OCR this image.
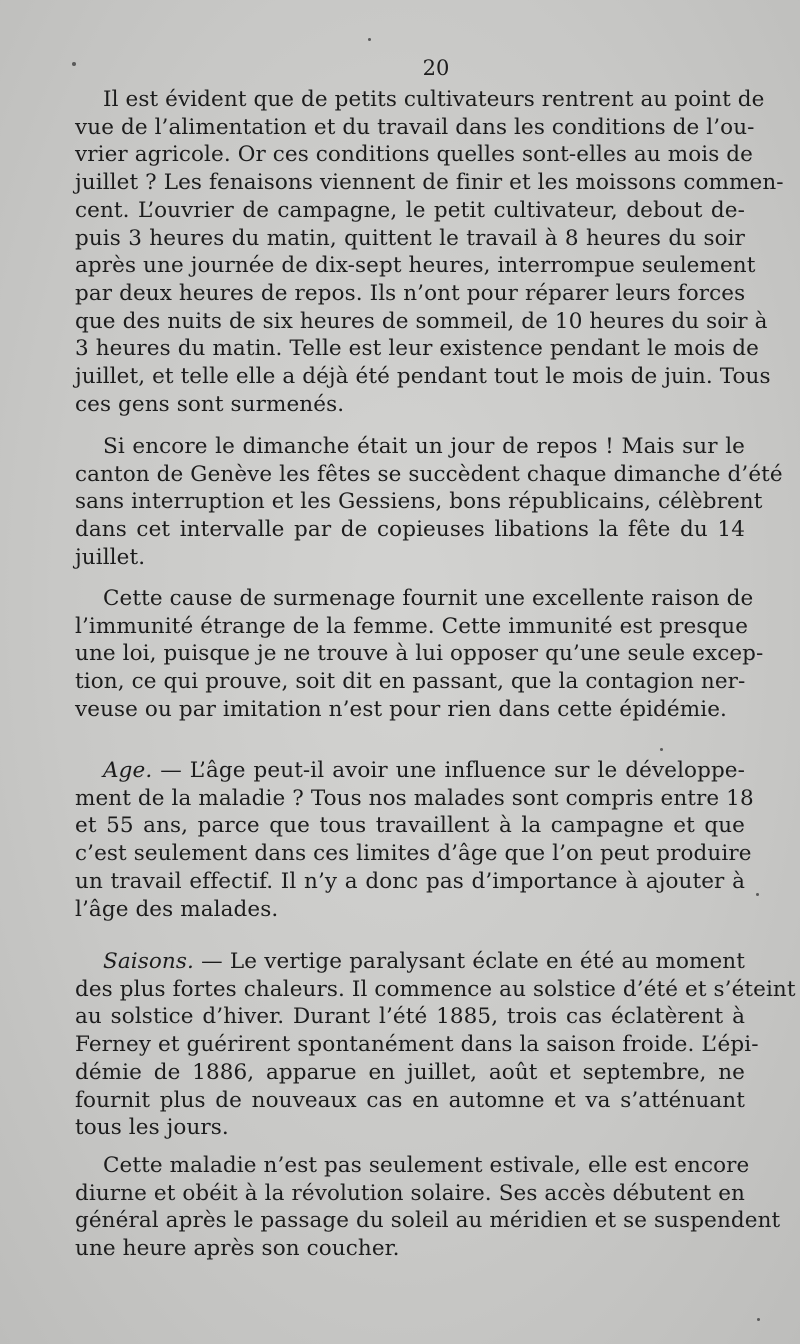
20
Il est évident que de petits cultivateurs rentrent au point de
vue de l’alimentation et du travail dans les conditions de l’ou-
vrier agricole. Or ces conditions quelles sont-elles au mois de
juillet ? Les fenaisons viennent de finir et les moissons commen-
cent. L’ouvrier de campagne, le petit cultivateur, debout de-
puis 3 heures du matin, quittent le travail à 8 heures du soir
après une journée de dix-sept heures, interrompue seulement
par deux heures de repos. Ils n’ont pour réparer leurs forces
que des nuits de six heures de sommeil, de 10 heures du soir à
3 heures du matin. Telle est leur existence pendant le mois de
juillet, et telle elle a déjà été pendant tout le mois de juin. Tous
ces gens sont surmenés.
Si encore le dimanche était un jour de repos ! Mais sur le
canton de Genève les fêtes se succèdent chaque dimanche d’été
sans interruption et les Gessiens, bons républicains, célèbrent
dans cet intervalle par de copieuses libations la fête du 14
juillet.
Cette cause de surmenage fournit une excellente raison de
l’immunité étrange de la femme. Cette immunité est presque
une loi, puisque je ne trouve à lui opposer qu’une seule excep-
tion, ce qui prouve, soit dit en passant, que la contagion ner-
veuse ou par imitation n’est pour rien dans cette épidémie.
Age. — L’âge peut-il avoir une influence sur le développe-
ment de la maladie ? Tous nos malades sont compris entre 18
et 55 ans, parce que tous travaillent à la campagne et que
c’est seulement dans ces limites d’âge que l’on peut produire
un travail effectif. Il n’y a donc pas d’importance à ajouter à
l’âge des malades.
Saisons. — Le vertige paralysant éclate en été au moment
des plus fortes chaleurs. Il commence au solstice d’été et s’éteint
au solstice d’hiver. Durant l’été 1885, trois cas éclatèrent à
Ferney et guérirent spontanément dans la saison froide. L’épi-
démie de 1886, apparue en juillet, août et septembre, ne
fournit plus de nouveaux cas en automne et va s’atténuant
tous les jours.
Cette maladie n’est pas seulement estivale, elle est encore
diurne et obéit à la révolution solaire. Ses accès débutent en
général après le passage du soleil au méridien et se suspendent
une heure après son coucher.
